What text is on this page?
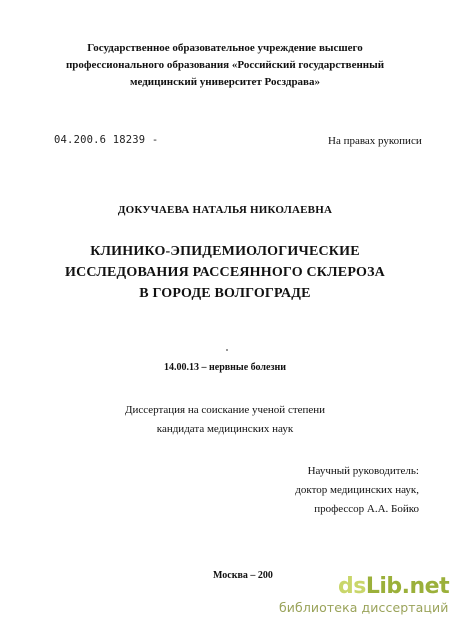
Государственное образовательное учреждение высшего
профессионального образования «Российский государственный
медицинский университет Росздрава»
04.200.6 18239 -	На правах рукописи
ДОКУЧАЕВА НАТАЛЬЯ НИКОЛАЕВНА
КЛИНИКО-ЭПИДЕМИОЛОГИЧЕСКИЕ
ИССЛЕДОВАНИЯ РАССЕЯННОГО СКЛЕРОЗА
В ГОРОДЕ ВОЛГОГРАДЕ
14.00.13 – нервные болезни
Диссертация на соискание ученой степени
кандидата медицинских наук
Научный руководитель:
доктор медицинских наук,
профессор А.А. Бойко
Москва – 200	dsLib.net
библиотека диссертаций
